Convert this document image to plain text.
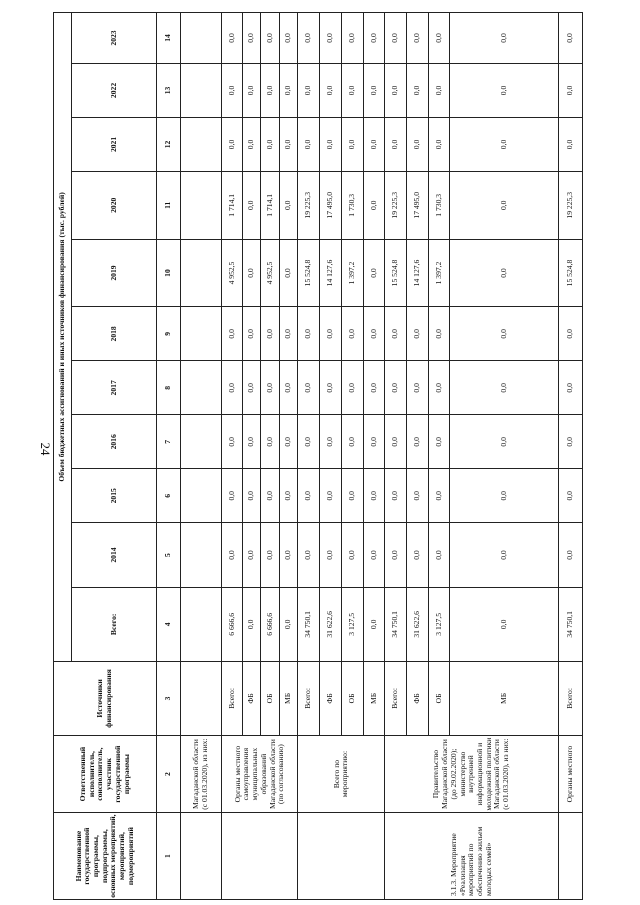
24
Наименование государственной программы, подпрограммы, основных мероприятий, мероприятий, подмероприятий	Ответственный исполнитель, соисполнитель, участник государственной программы	Источники финансирования	Объем бюджетных ассигнований и иных источников финансирования (тыс. рублей)										
			Всего:	2014	2015	2016	2017	2018	2019	2020	2021	2022	2023
1	2	3	4	5	6	7	8	9	10	11	12	13	14
	Магаданской области (с 01.03.2020), из них:												
	Органы местного самоуправления муниципальных образований Магаданской области (по согласованию)	Всего:	6 666,6	0,0	0,0	0,0	0,0	0,0	4 952,5	1 714,1	0,0	0,0	0,0
		ФБ	0,0	0,0	0,0	0,0	0,0	0,0	0,0	0,0	0,0	0,0	0,0
		ОБ	6 666,6	0,0	0,0	0,0	0,0	0,0	4 952,5	1 714,1	0,0	0,0	0,0
		МБ	0,0	0,0	0,0	0,0	0,0	0,0	0,0	0,0	0,0	0,0	0,0
	Всего по мероприятию:	Всего:	34 750,1	0,0	0,0	0,0	0,0	0,0	15 524,8	19 225,3	0,0	0,0	0,0
		ФБ	31 622,6	0,0	0,0	0,0	0,0	0,0	14 127,6	17 495,0	0,0	0,0	0,0
		ОБ	3 127,5	0,0	0,0	0,0	0,0	0,0	1 397,2	1 730,3	0,0	0,0	0,0
		МБ	0,0	0,0	0,0	0,0	0,0	0,0	0,0	0,0	0,0	0,0	0,0
3.1.3. Мероприятие «Реализация мероприятий по обеспечению жильем молодых семей»	Правительство Магаданской области (до 29.02.2020); министерство внутренней информационной и молодежной политики Магаданской области (с 01.03.2020), из них:	Всего:	34 750,1	0,0	0,0	0,0	0,0	0,0	15 524,8	19 225,3	0,0	0,0	0,0
		ФБ	31 622,6	0,0	0,0	0,0	0,0	0,0	14 127,6	17 495,0	0,0	0,0	0,0
		ОБ	3 127,5	0,0	0,0	0,0	0,0	0,0	1 397,2	1 730,3	0,0	0,0	0,0
		МБ	0,0	0,0	0,0	0,0	0,0	0,0	0,0	0,0	0,0	0,0	0,0
	Органы местного	Всего:	34 750,1	0,0	0,0	0,0	0,0	0,0	15 524,8	19 225,3	0,0	0,0	0,0
